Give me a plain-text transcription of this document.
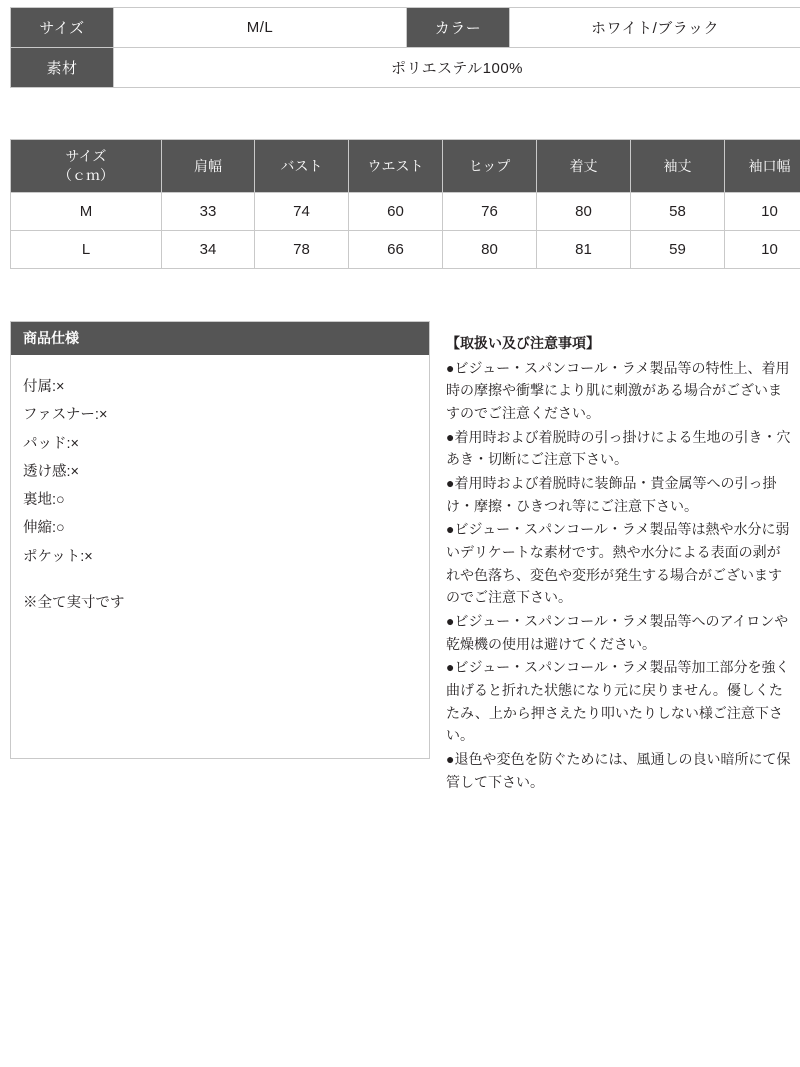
サイズ	M/L	カラー	ホワイト/ブラック
素材	ポリエステル100%		
サイズ
（ｃｍ）	肩幅	バスト	ウエスト	ヒップ	着丈	袖丈	袖口幅
M	33	74	60	76	80	58	10
L	34	78	66	80	81	59	10
商品仕様
付属:×
ファスナー:×
パッド:×
透け感:×
裏地:○
伸縮:○
ポケット:×
※全て実寸です
【取扱い及び注意事項】

●ビジュー・スパンコール・ラメ製品等の特性上、着用時の摩擦や衝撃により肌に刺激がある場合がございますのでご注意ください。

●着用時および着脱時の引っ掛けによる生地の引き・穴あき・切断にご注意下さい。

●着用時および着脱時に装飾品・貴金属等への引っ掛け・摩擦・ひきつれ等にご注意下さい。

●ビジュー・スパンコール・ラメ製品等は熱や水分に弱いデリケートな素材です。熱や水分による表面の剥がれや色落ち、変色や変形が発生する場合がございますのでご注意下さい。

●ビジュー・スパンコール・ラメ製品等へのアイロンや乾燥機の使用は避けてください。

●ビジュー・スパンコール・ラメ製品等加工部分を強く曲げると折れた状態になり元に戻りません。優しくたたみ、上から押さえたり叩いたりしない様ご注意下さい。

●退色や変色を防ぐためには、風通しの良い暗所にて保管して下さい。
